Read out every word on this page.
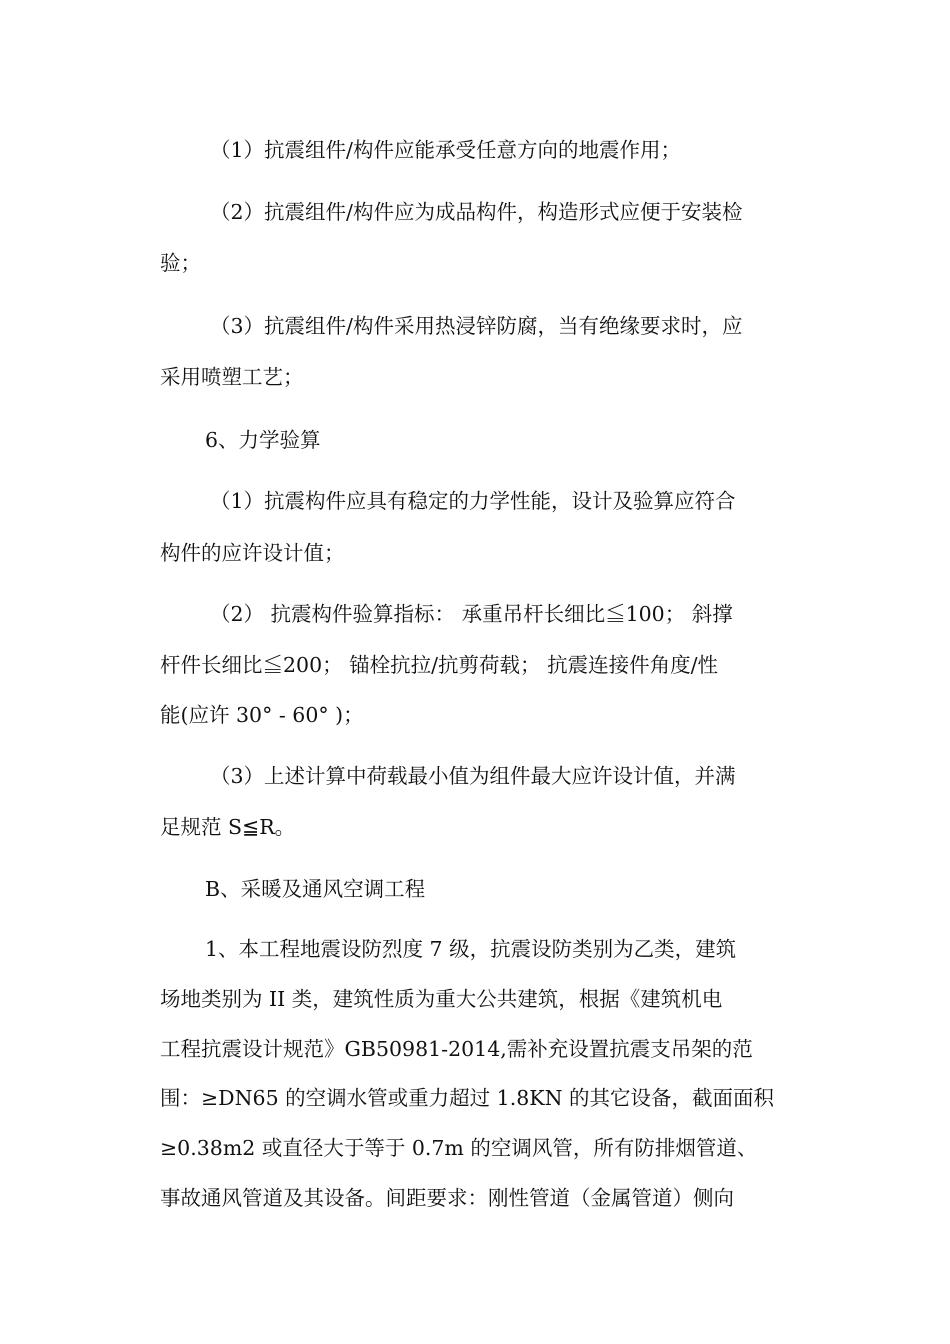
（1）抗震组件/构件应能承受任意方向的地震作用；
（2）抗震组件/构件应为成品构件，构造形式应便于安装检
验；
（3）抗震组件/构件采用热浸锌防腐，当有绝缘要求时，应
采用喷塑工艺；
6、力学验算
（1）抗震构件应具有稳定的力学性能，设计及验算应符合
构件的应许设计值；
（2） 抗震构件验算指标： 承重吊杆长细比≦100； 斜撑
杆件长细比≦200； 锚栓抗拉/抗剪荷载； 抗震连接件角度/性
能(应许 30° - 60° )；
（3）上述计算中荷载最小值为组件最大应许设计值，并满
足规范 S≦R。
B、采暖及通风空调工程
1、本工程地震设防烈度 7 级，抗震设防类别为乙类，建筑
场地类别为 II 类，建筑性质为重大公共建筑，根据《建筑机电
工程抗震设计规范》GB50981-2014,需补充设置抗震支吊架的范
围：≥DN65 的空调水管或重力超过 1.8KN 的其它设备，截面面积
≥0.38m2 或直径大于等于 0.7m 的空调风管，所有防排烟管道、
事故通风管道及其设备。间距要求：刚性管道（金属管道）侧向
